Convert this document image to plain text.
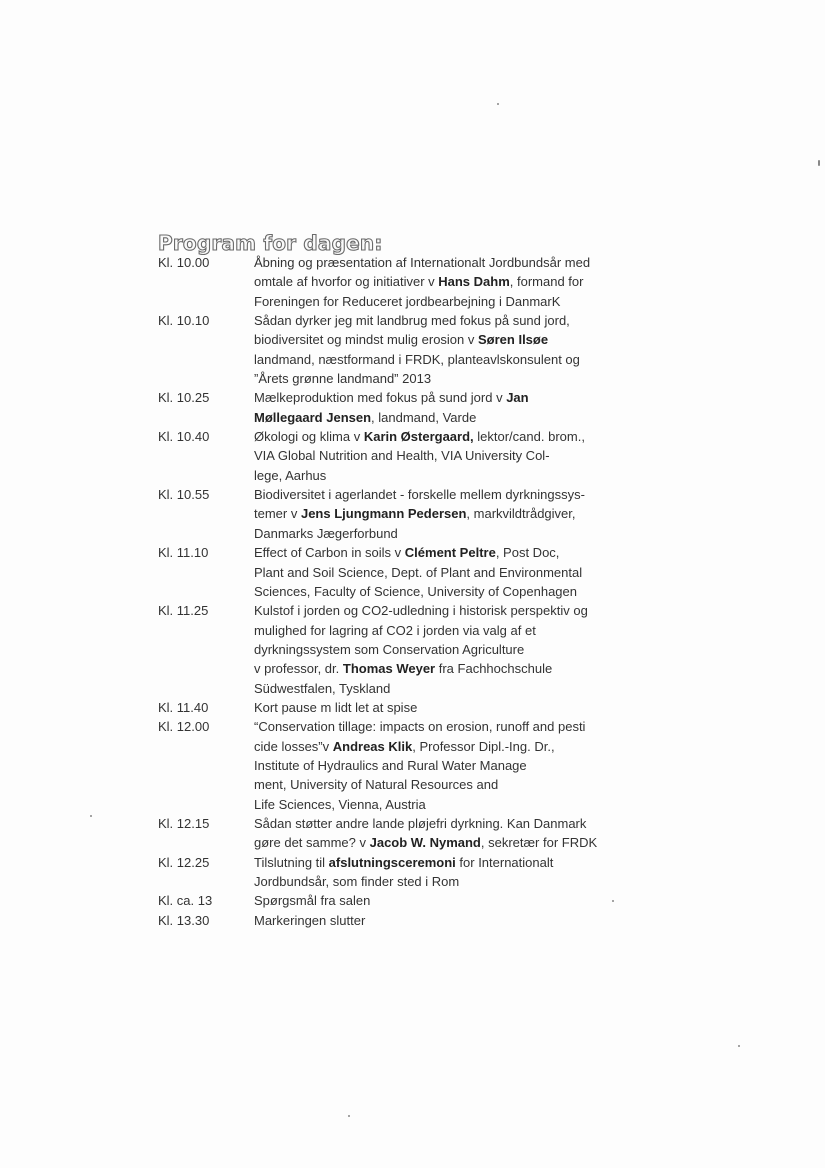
Program for dagen:
Kl. 10.00	Åbning og præsentation af Internationalt Jordbundsår med
omtale af hvorfor og initiativer v Hans Dahm, formand for
Foreningen for Reduceret jordbearbejning i DanmarK
Kl. 10.10	Sådan dyrker jeg mit landbrug med fokus på sund jord,
biodiversitet og mindst mulig erosion v Søren Ilsøe
landmand, næstformand i FRDK, planteavlskonsulent og
”Årets grønne landmand” 2013
Kl. 10.25	Mælkeproduktion med fokus på sund jord v Jan
Møllegaard Jensen, landmand, Varde
Kl. 10.40	Økologi og klima v Karin Østergaard, lektor/cand. brom.,
VIA Global Nutrition and Health, VIA University Col-
lege, Aarhus
Kl. 10.55	Biodiversitet i agerlandet - forskelle mellem dyrkningssys-
temer v Jens Ljungmann Pedersen, markvildtrådgiver,
Danmarks Jægerforbund
Kl. 11.10	Effect of Carbon in soils v Clément Peltre, Post Doc,
Plant and Soil Science, Dept. of Plant and Environmental
Sciences, Faculty of Science, University of Copenhagen
Kl. 11.25	Kulstof i jorden og CO2-udledning i historisk perspektiv og
mulighed for lagring af CO2 i jorden via valg af et
dyrkningssystem som Conservation Agriculture
v professor, dr. Thomas Weyer fra Fachhochschule
Südwestfalen, Tyskland
Kl. 11.40	Kort pause m lidt let at spise
Kl. 12.00	“Conservation tillage: impacts on erosion, runoff and pesti
cide losses”v Andreas Klik, Professor Dipl.-Ing. Dr.,
Institute of Hydraulics and Rural Water Manage
ment, University of Natural Resources and
Life Sciences, Vienna, Austria
Kl. 12.15	Sådan støtter andre lande pløjefri dyrkning. Kan Danmark
gøre det samme? v Jacob W. Nymand, sekretær for FRDK
Kl. 12.25	Tilslutning til afslutningsceremoni for Internationalt
Jordbundsår, som finder sted i Rom
Kl. ca. 13	Spørgsmål fra salen
Kl. 13.30	Markeringen slutter
